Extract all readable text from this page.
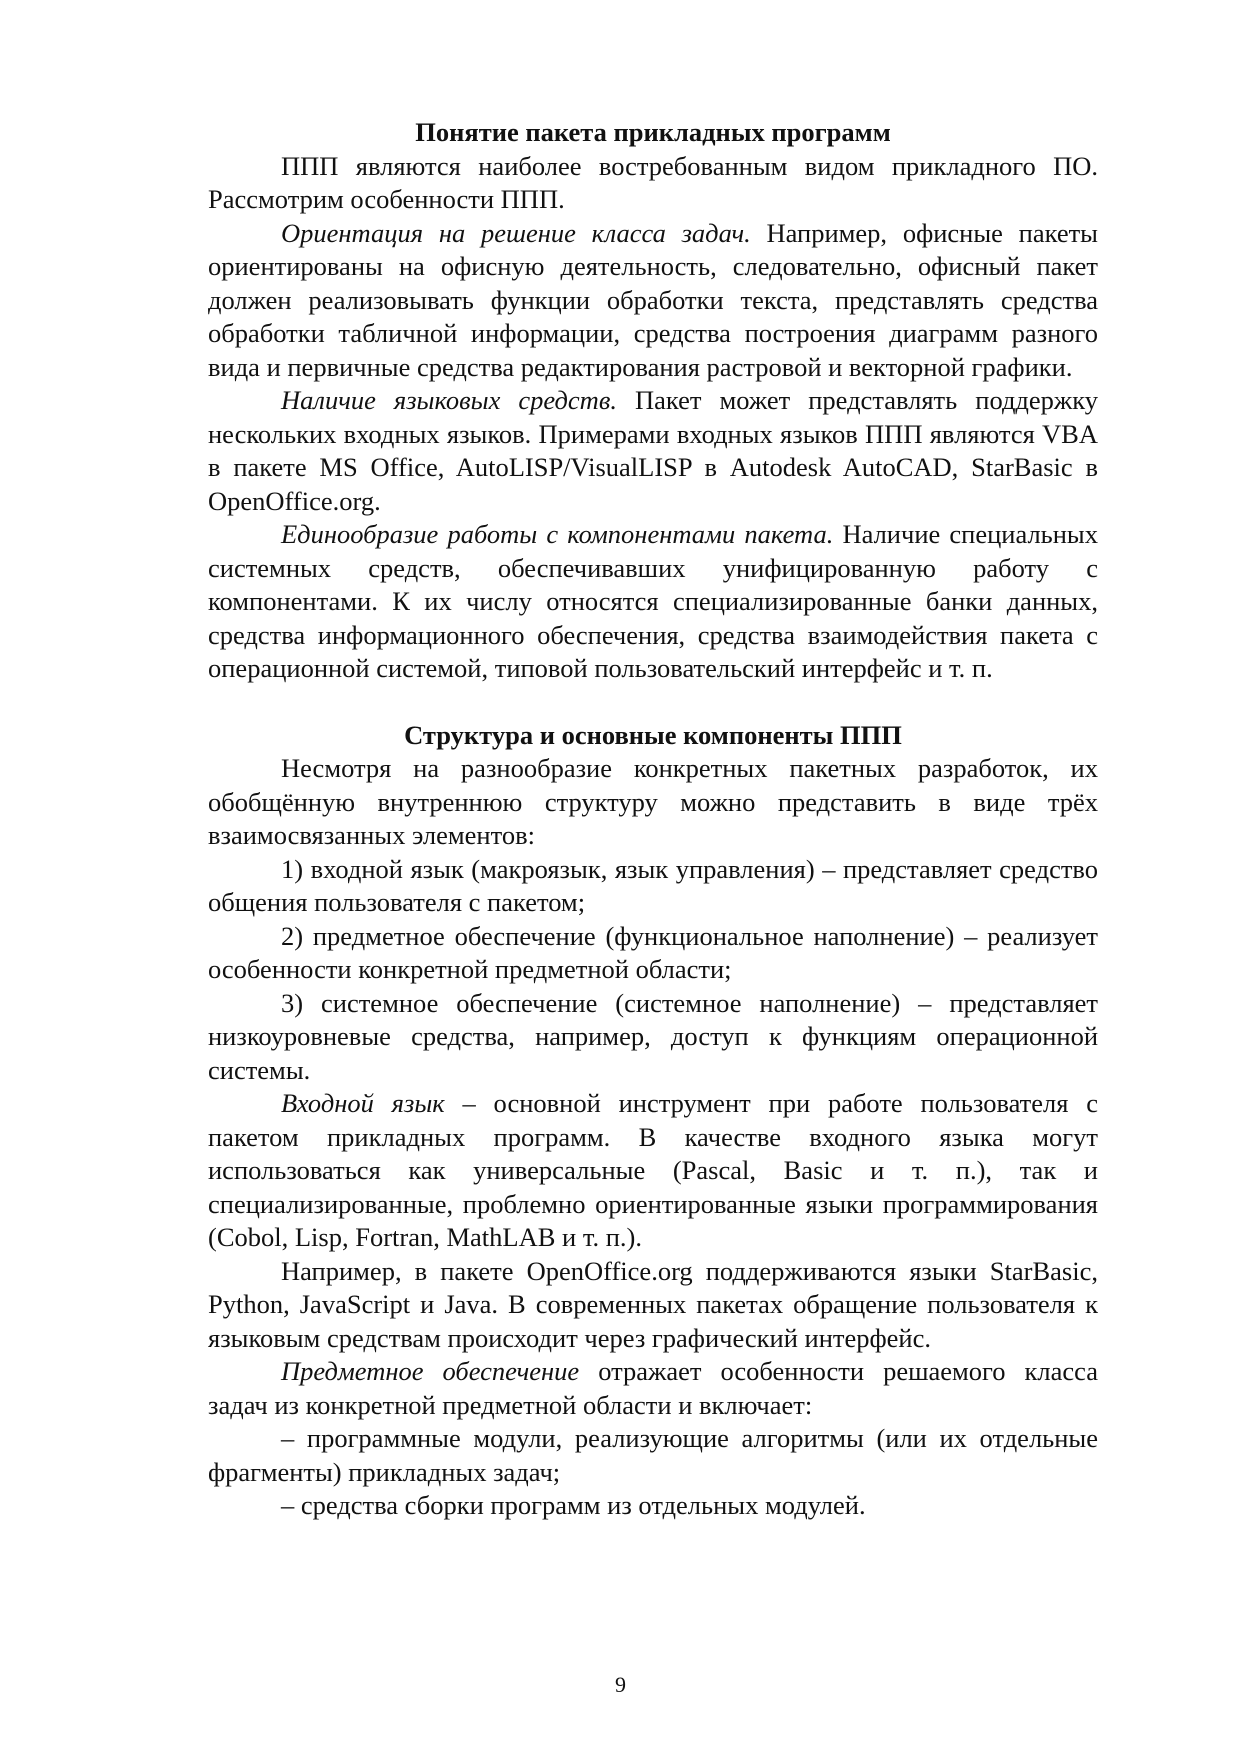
Понятие пакета прикладных программ

ППП являются наиболее востребованным видом прикладного ПО. Рассмотрим особенности ППП.

Ориентация на решение класса задач. Например, офисные пакеты ориентированы на офисную деятельность, следовательно, офисный пакет должен реализовывать функции обработки текста, представлять средства обработки табличной информации, средства построения диаграмм разного вида и первичные средства редактирования растровой и векторной графики.

Наличие языковых средств. Пакет может представлять поддержку нескольких входных языков. Примерами входных языков ППП являются VBA в пакете MS Office, AutoLISP/VisualLISP в Autodesk AutoCAD, StarBasic в OpenOffice.org.

Единообразие работы с компонентами пакета. Наличие специальных системных средств, обеспечивавших унифицированную работу с компонентами. К их числу относятся специализированные банки данных, средства информационного обеспечения, средства взаимодействия пакета с операционной системой, типовой пользовательский интерфейс и т. п.

Структура и основные компоненты ППП

Несмотря на разнообразие конкретных пакетных разработок, их обобщённую внутреннюю структуру можно представить в виде трёх взаимосвязанных элементов:

1) входной язык (макроязык, язык управления) – представляет средство общения пользователя с пакетом;

2) предметное обеспечение (функциональное наполнение) – реализует особенности конкретной предметной области;

3) системное обеспечение (системное наполнение) – представляет низкоуровневые средства, например, доступ к функциям операционной системы.

Входной язык – основной инструмент при работе пользователя с пакетом прикладных программ. В качестве входного языка могут использоваться как универсальные (Pascal, Basic и т. п.), так и специализированные, проблемно ориентированные языки программирования (Cobol, Lisp, Fortran, MathLAB и т. п.).

Например, в пакете OpenOffice.org поддерживаются языки StarBasic, Python, JavaScript и Java. В современных пакетах обращение пользователя к языковым средствам происходит через графический интерфейс.

Предметное обеспечение отражает особенности решаемого класса задач из конкретной предметной области и включает:

– программные модули, реализующие алгоритмы (или их отдельные фрагменты) прикладных задач;

– средства сборки программ из отдельных модулей.

9
